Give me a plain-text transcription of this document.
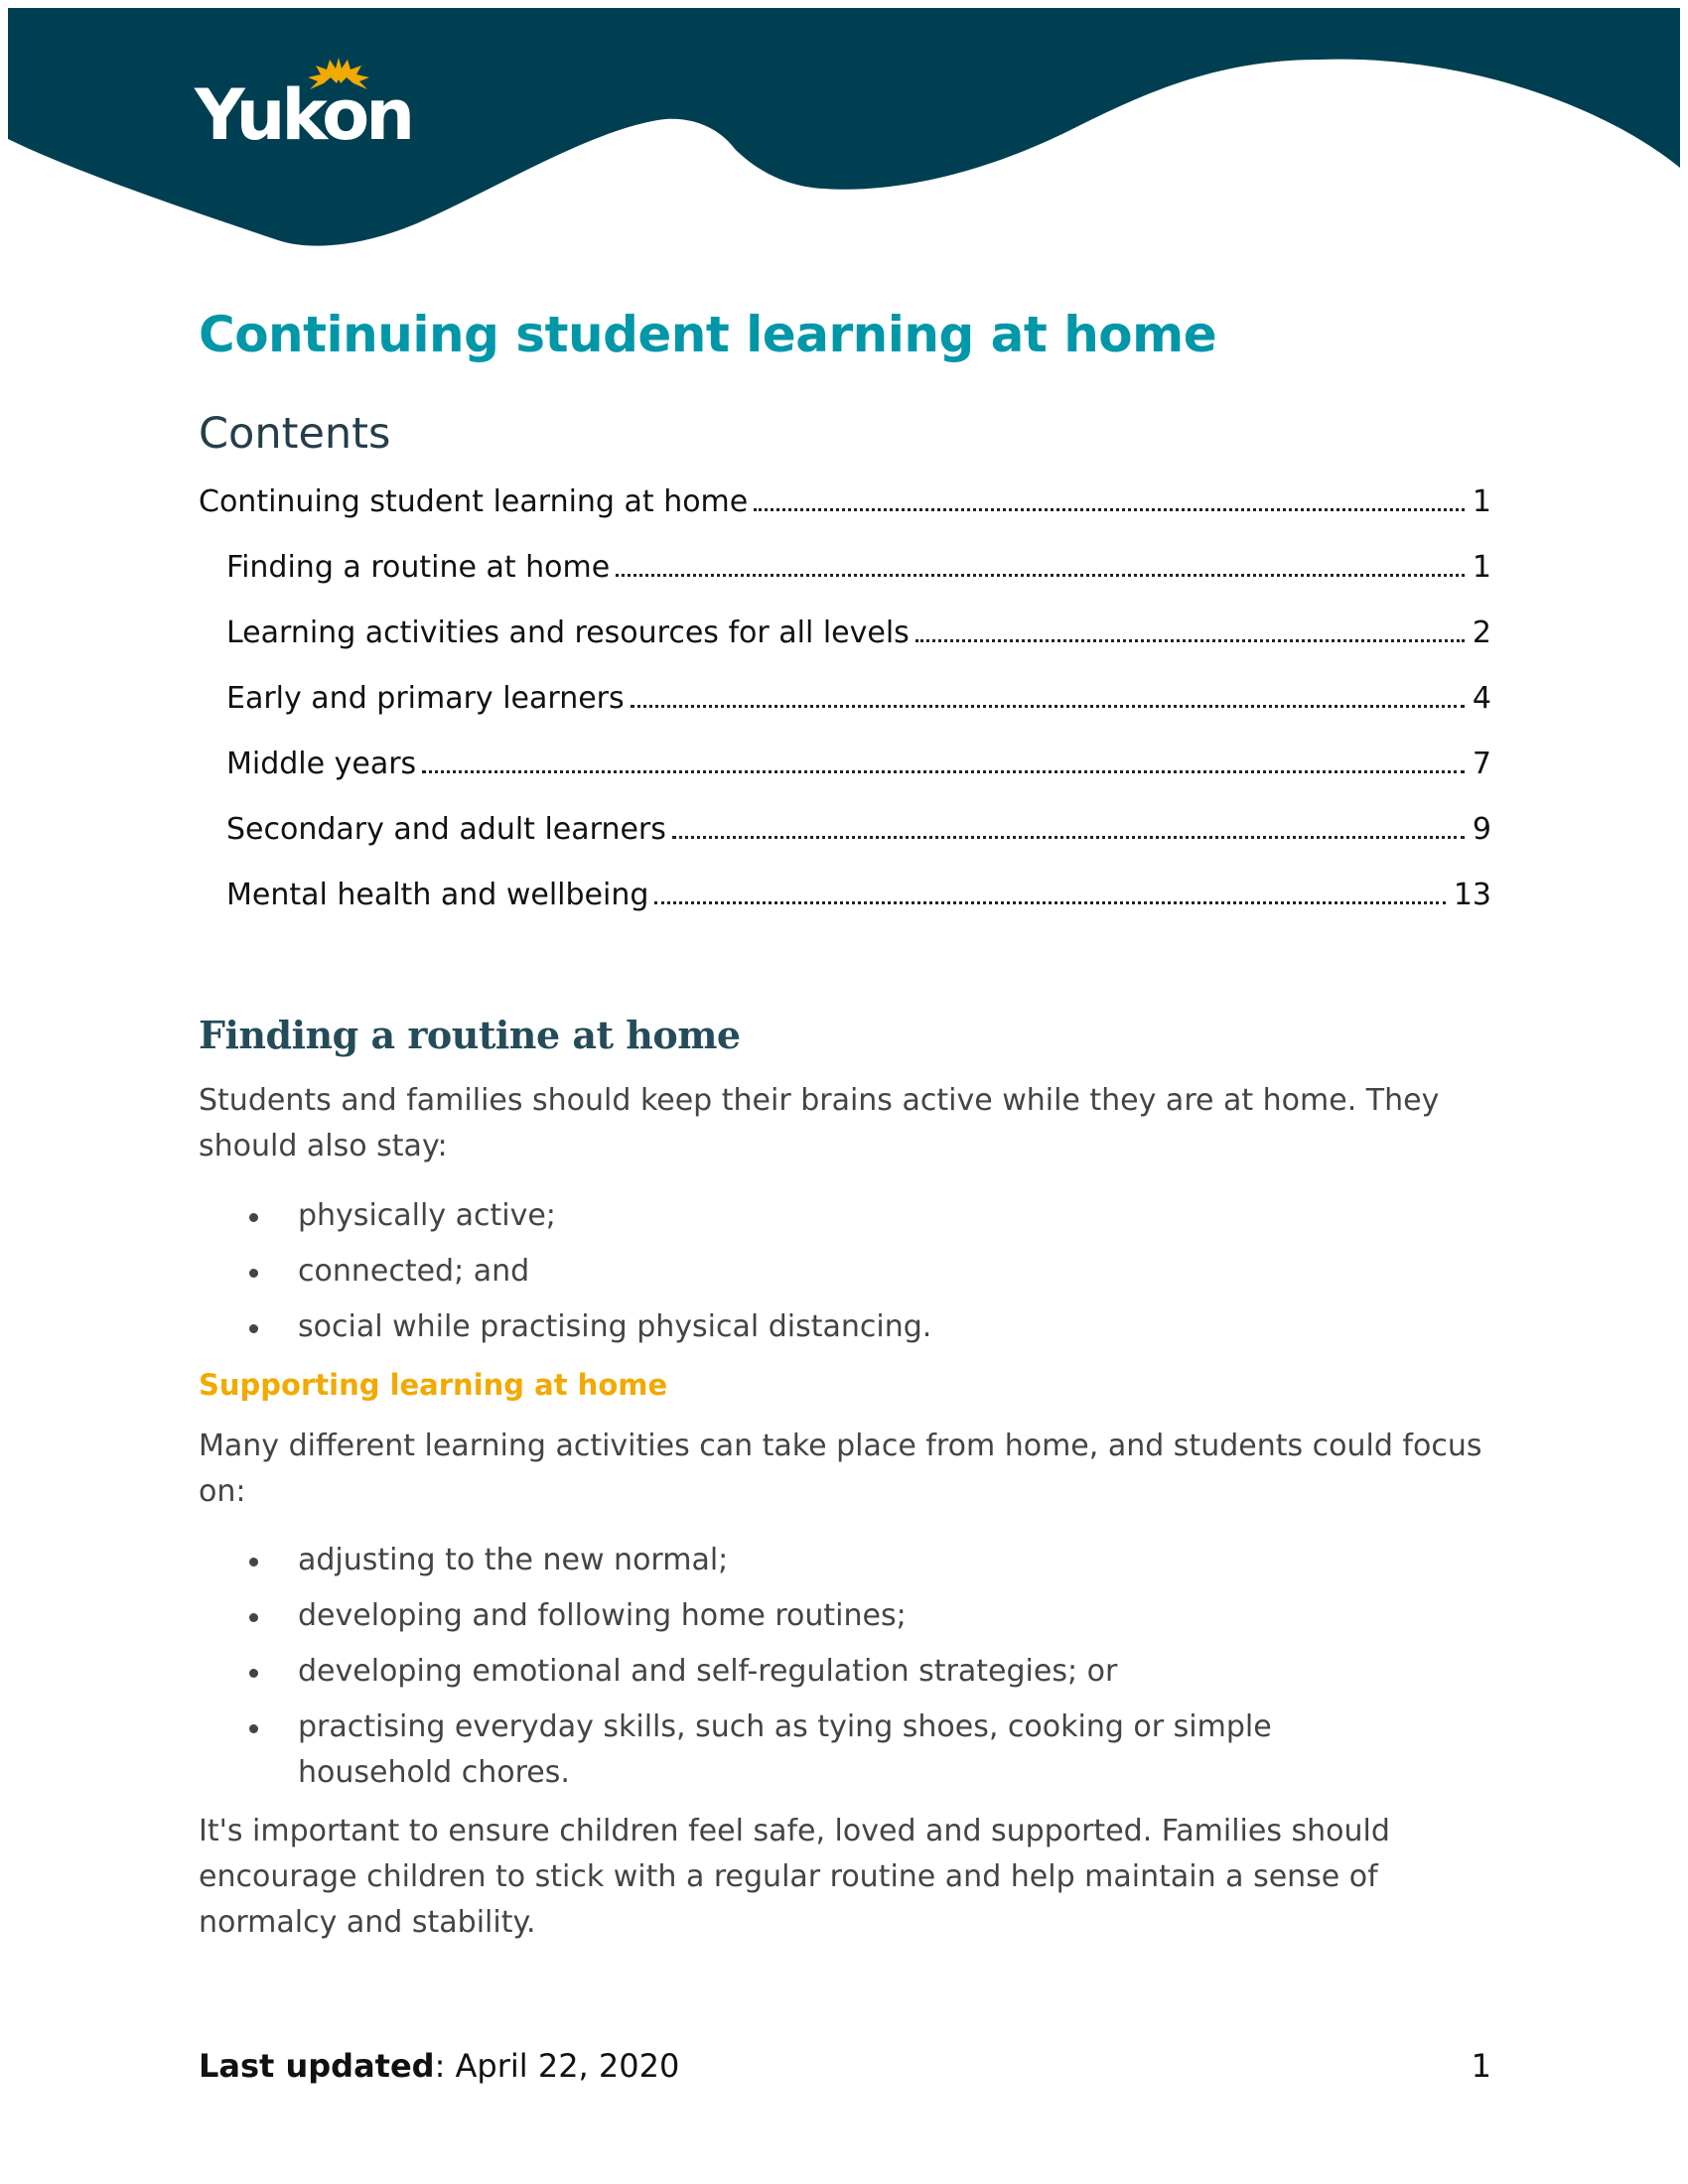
Yukon
Continuing student learning at home
Contents
Continuing student learning at home	1
Finding a routine at home	1
Learning activities and resources for all levels	2
Early and primary learners	4
Middle years	7
Secondary and adult learners	9
Mental health and wellbeing	13
Finding a routine at home

Students and families should keep their brains active while they are at home. They should also stay:

physically active;
connected; and
social while practising physical distancing.
Supporting learning at home

Many different learning activities can take place from home, and students could focus on:

adjusting to the new normal;
developing and following home routines;
developing emotional and self-regulation strategies; or
practising everyday skills, such as tying shoes, cooking or simple household chores.

It's important to ensure children feel safe, loved and supported. Families should encourage children to stick with a regular routine and help maintain a sense of normalcy and stability.

Last updated: April 22, 2020	1
